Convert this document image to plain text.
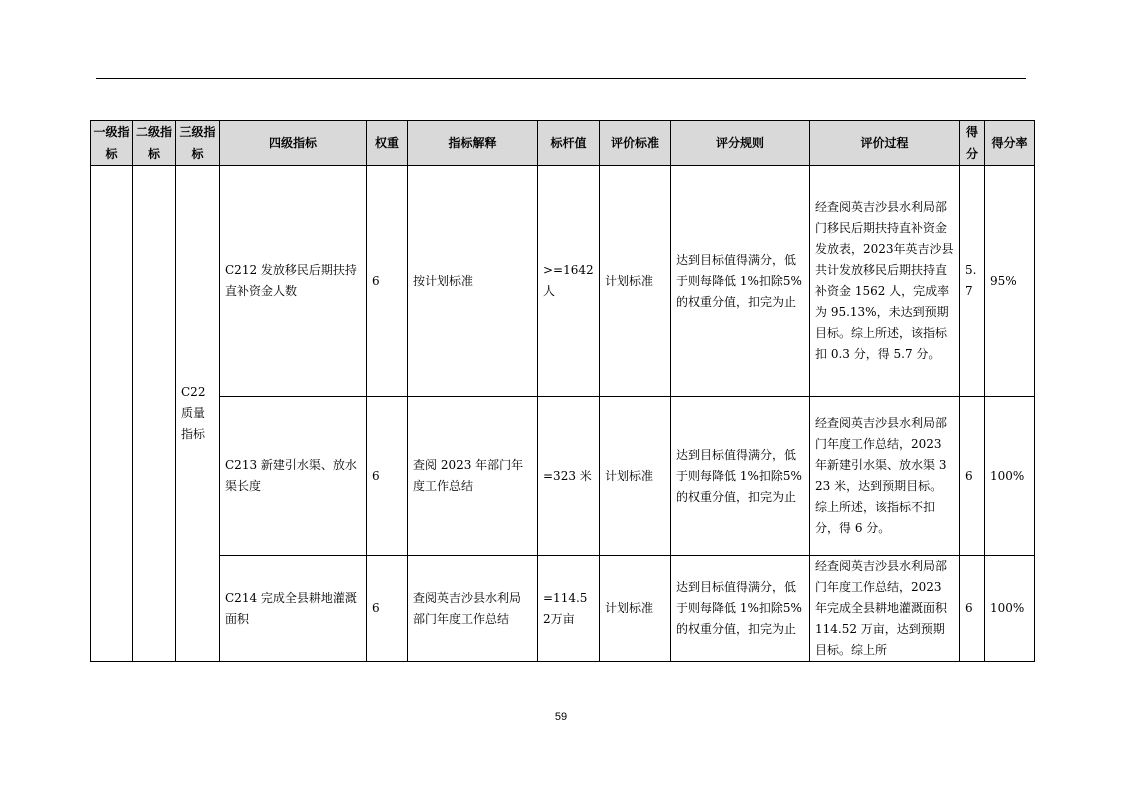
一级指标	二级指标	三级指标	四级指标	权重	指标解释	标杆值	评价标准	评分规则	评价过程	得分	得分率
		C22质量指标	C212 发放移民后期扶持直补资金人数	6	按计划标准	>=1642人	计划标准	达到目标值得满分，低于则每降低 1%扣除5%的权重分值，扣完为止	经查阅英吉沙县水利局部门移民后期扶持直补资金发放表，2023年英吉沙县共计发放移民后期扶持直补资金 1562 人，完成率为 95.13%，未达到预期目标。综上所述，该指标扣 0.3 分，得 5.7 分。	5.7	95%
			C213 新建引水渠、放水渠长度	6	查阅 2023 年部门年度工作总结	=323 米	计划标准	达到目标值得满分，低于则每降低 1%扣除5%的权重分值，扣完为止	经查阅英吉沙县水利局部门年度工作总结，2023 年新建引水渠、放水渠 323 米，达到预期目标。综上所述，该指标不扣分，得 6 分。	6	100%
			C214 完成全县耕地灌溉面积	6	查阅英吉沙县水利局部门年度工作总结	=114.52万亩	计划标准	达到目标值得满分，低于则每降低 1%扣除5%的权重分值，扣完为止	经查阅英吉沙县水利局部门年度工作总结，2023 年完成全县耕地灌溉面积 114.52 万亩，达到预期目标。综上所	6	100%
59
